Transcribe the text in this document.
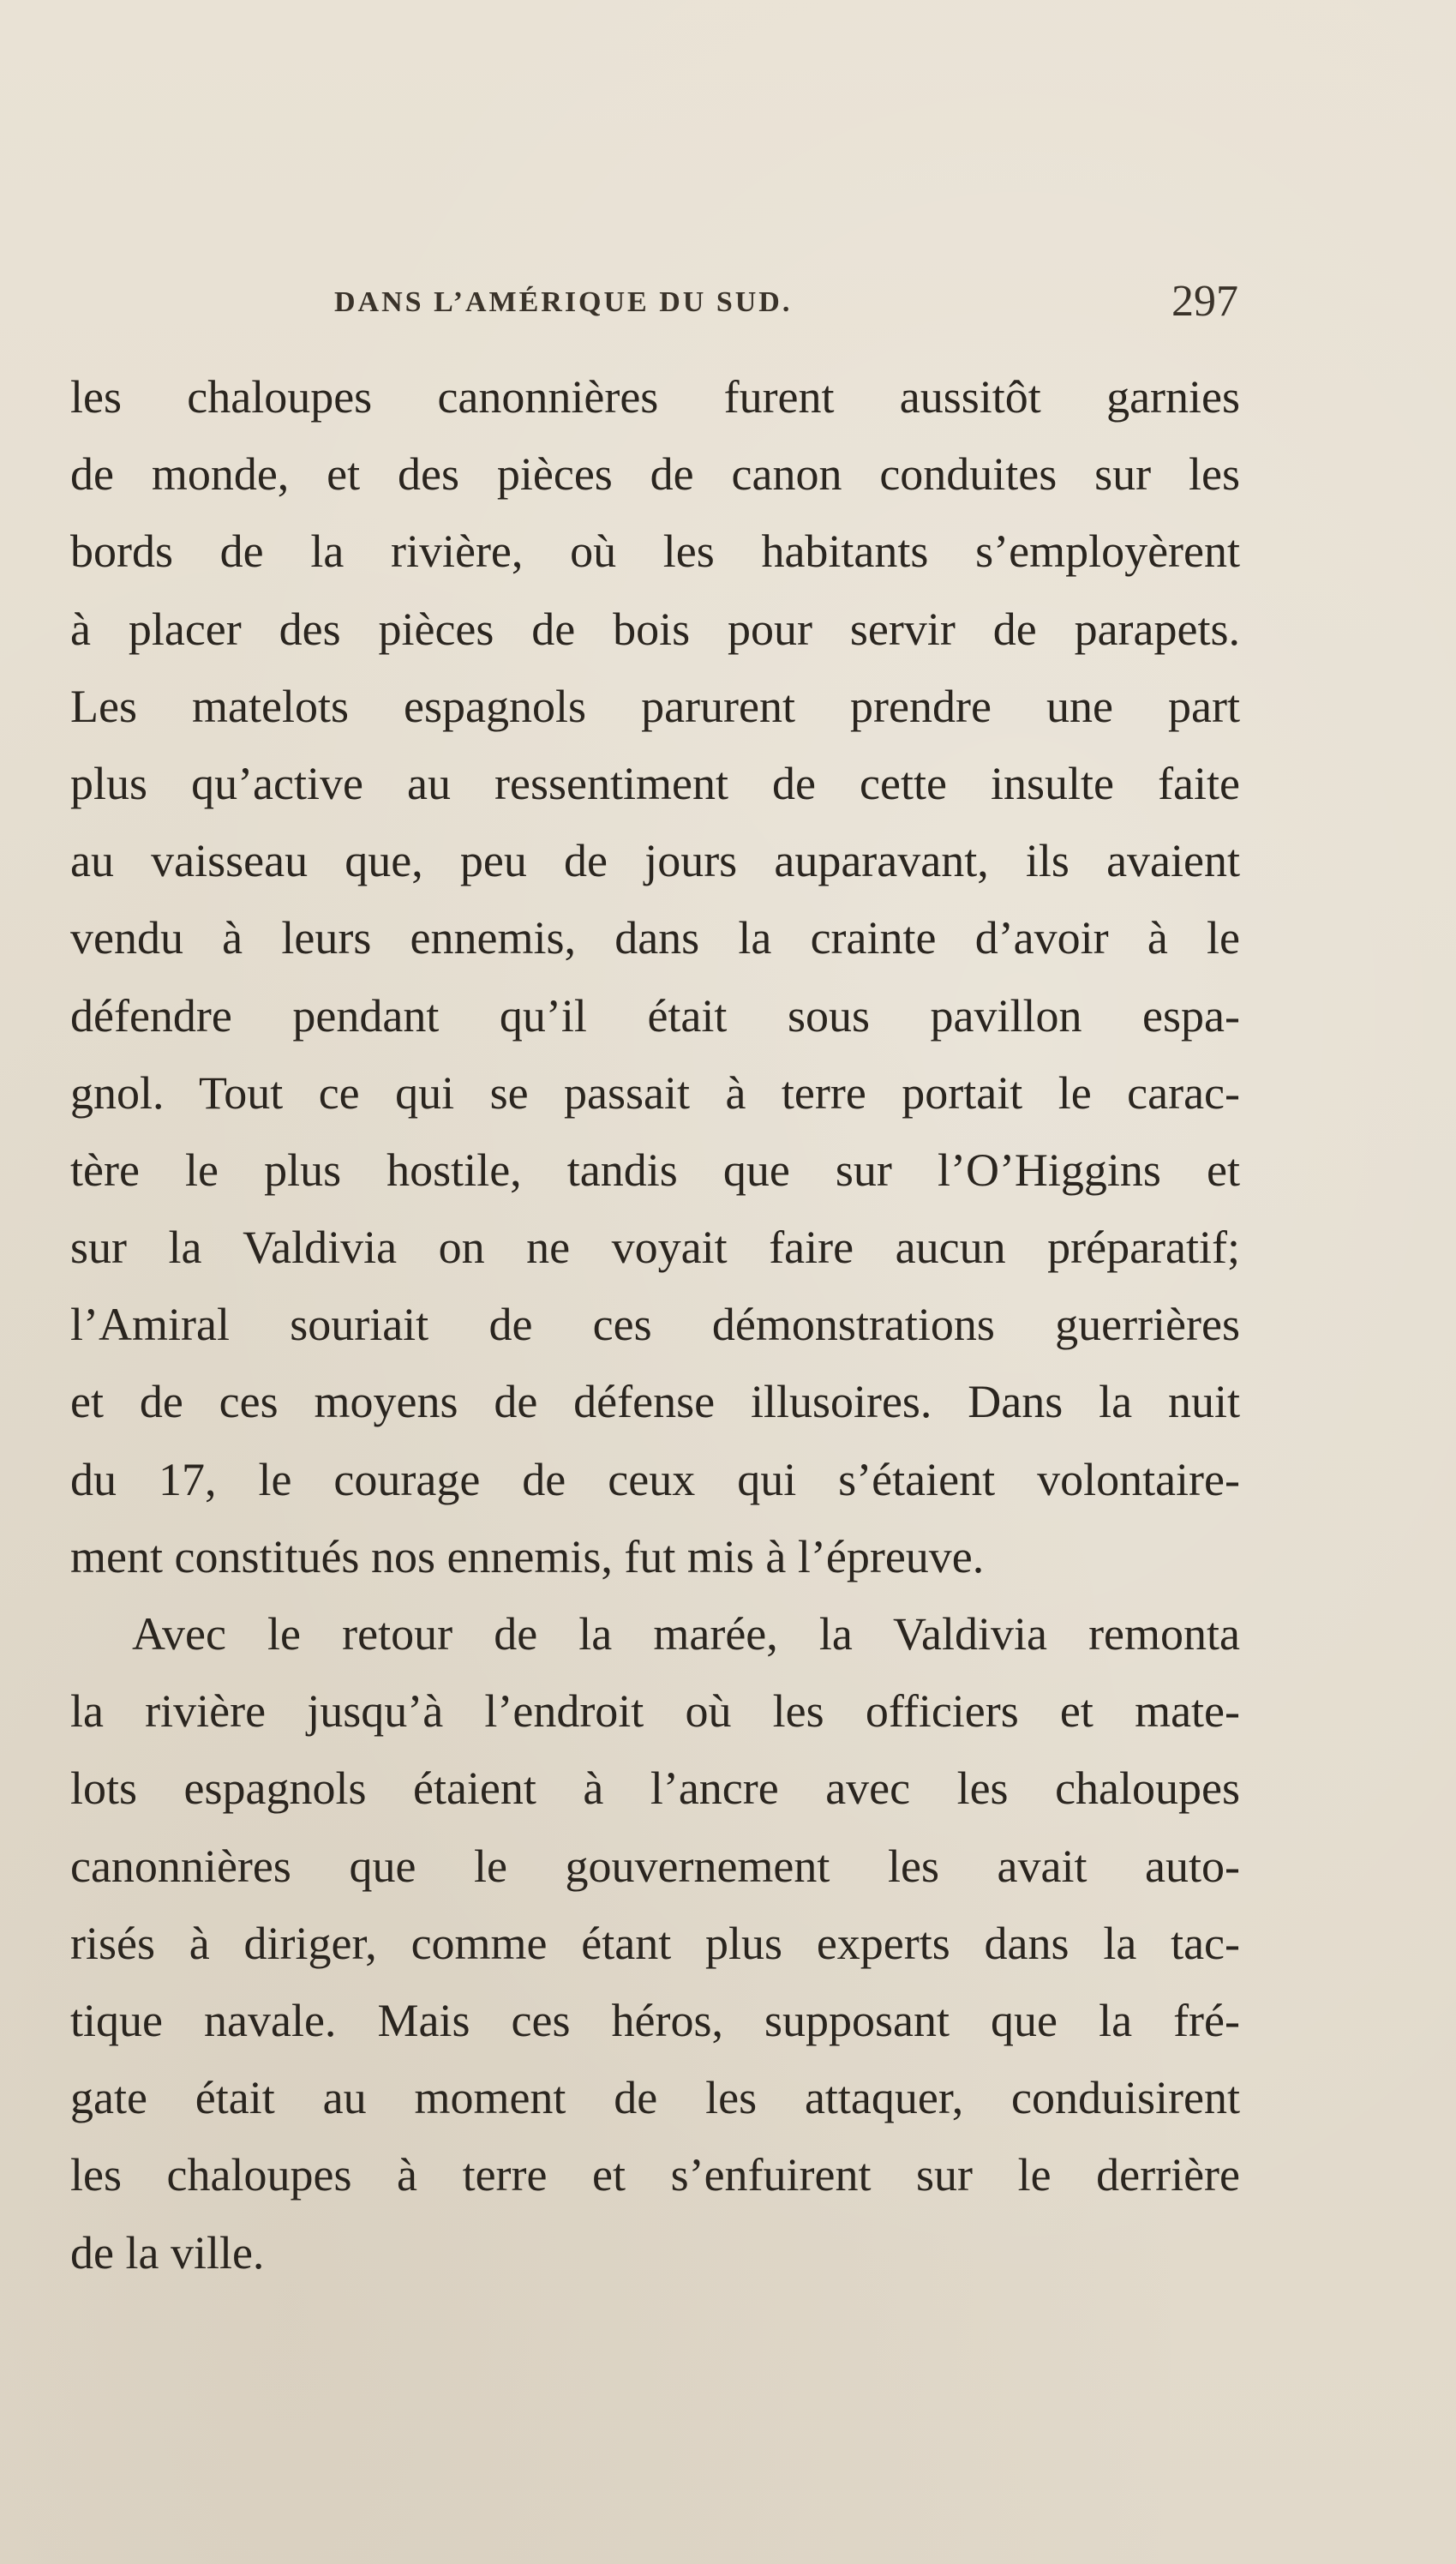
DANS L’AMÉRIQUE DU SUD.	297
les chaloupes canonnières furent aussitôt garnies
de monde, et des pièces de canon conduites sur les
bords de la rivière, où les habitants s’employèrent
à placer des pièces de bois pour servir de parapets.
Les matelots espagnols parurent prendre une part
plus qu’active au ressentiment de cette insulte faite
au vaisseau que, peu de jours auparavant, ils avaient
vendu à leurs ennemis, dans la crainte d’avoir à le
défendre pendant qu’il était sous pavillon espa-
gnol. Tout ce qui se passait à terre portait le carac-
tère le plus hostile, tandis que sur l’O’Higgins et
sur la Valdivia on ne voyait faire aucun préparatif;
l’Amiral souriait de ces démonstrations guerrières
et de ces moyens de défense illusoires. Dans la nuit
du 17, le courage de ceux qui s’étaient volontaire-
ment constitués nos ennemis, fut mis à l’épreuve.
Avec le retour de la marée, la Valdivia remonta
la rivière jusqu’à l’endroit où les officiers et mate-
lots espagnols étaient à l’ancre avec les chaloupes
canonnières que le gouvernement les avait auto-
risés à diriger, comme étant plus experts dans la tac-
tique navale. Mais ces héros, supposant que la fré-
gate était au moment de les attaquer, conduisirent
les chaloupes à terre et s’enfuirent sur le derrière
de la ville.
